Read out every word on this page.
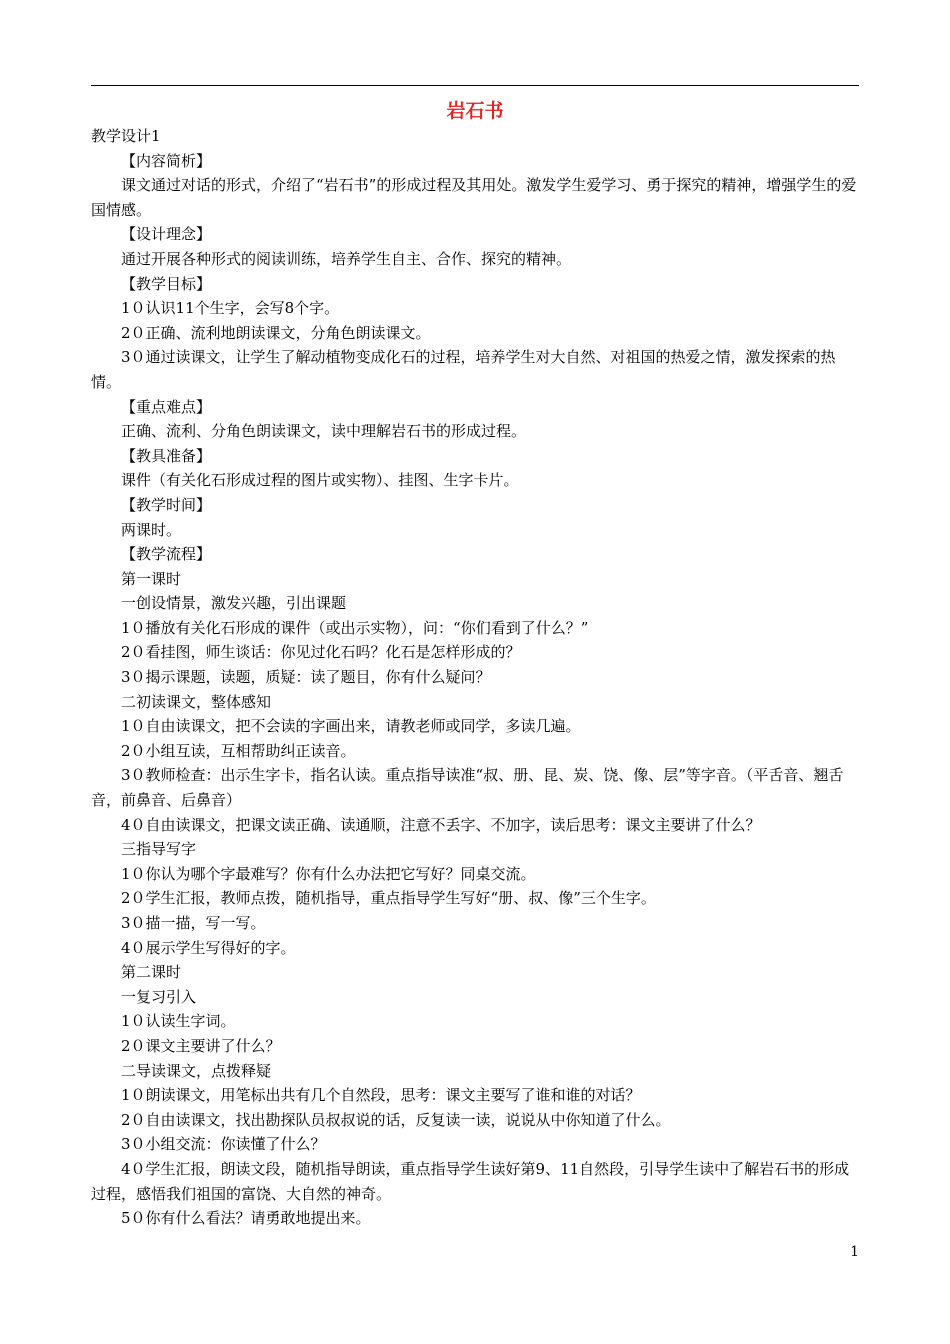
岩石书

教学设计1

【内容简析】

课文通过对话的形式，介绍了“岩石书”的形成过程及其用处。激发学生爱学习、勇于探究的精神，增强学生的爱国情感。

【设计理念】

通过开展各种形式的阅读训练，培养学生自主、合作、探究的精神。

【教学目标】

1０认识11个生字，会写8个字。

2０正确、流利地朗读课文，分角色朗读课文。

3０通过读课文，让学生了解动植物变成化石的过程，培养学生对大自然、对祖国的热爱之情，激发探索的热情。

【重点难点】

正确、流利、分角色朗读课文，读中理解岩石书的形成过程。

【教具准备】

课件（有关化石形成过程的图片或实物）、挂图、生字卡片。

【教学时间】

两课时。

【教学流程】

第一课时

一创设情景，激发兴趣，引出课题

1０播放有关化石形成的课件（或出示实物），问：“你们看到了什么？”

2０看挂图，师生谈话：你见过化石吗？化石是怎样形成的？

3０揭示课题，读题，质疑：读了题目，你有什么疑问？

二初读课文，整体感知

1０自由读课文，把不会读的字画出来，请教老师或同学，多读几遍。

2０小组互读，互相帮助纠正读音。

3０教师检查：出示生字卡，指名认读。重点指导读准“叔、册、昆、炭、饶、像、层”等字音。（平舌音、翘舌音，前鼻音、后鼻音）

4０自由读课文，把课文读正确、读通顺，注意不丢字、不加字，读后思考：课文主要讲了什么？

三指导写字

1０你认为哪个字最难写？你有什么办法把它写好？同桌交流。

2０学生汇报，教师点拨，随机指导，重点指导学生写好“册、叔、像”三个生字。

3０描一描，写一写。

4０展示学生写得好的字。

第二课时

一复习引入

1０认读生字词。

2０课文主要讲了什么？

二导读课文，点拨释疑

1０朗读课文，用笔标出共有几个自然段，思考：课文主要写了谁和谁的对话？

2０自由读课文，找出勘探队员叔叔说的话，反复读一读，说说从中你知道了什么。

3０小组交流：你读懂了什么？

4０学生汇报，朗读文段，随机指导朗读，重点指导学生读好第9、11自然段，引导学生读中了解岩石书的形成过程，感悟我们祖国的富饶、大自然的神奇。

5０你有什么看法？请勇敢地提出来。

1
